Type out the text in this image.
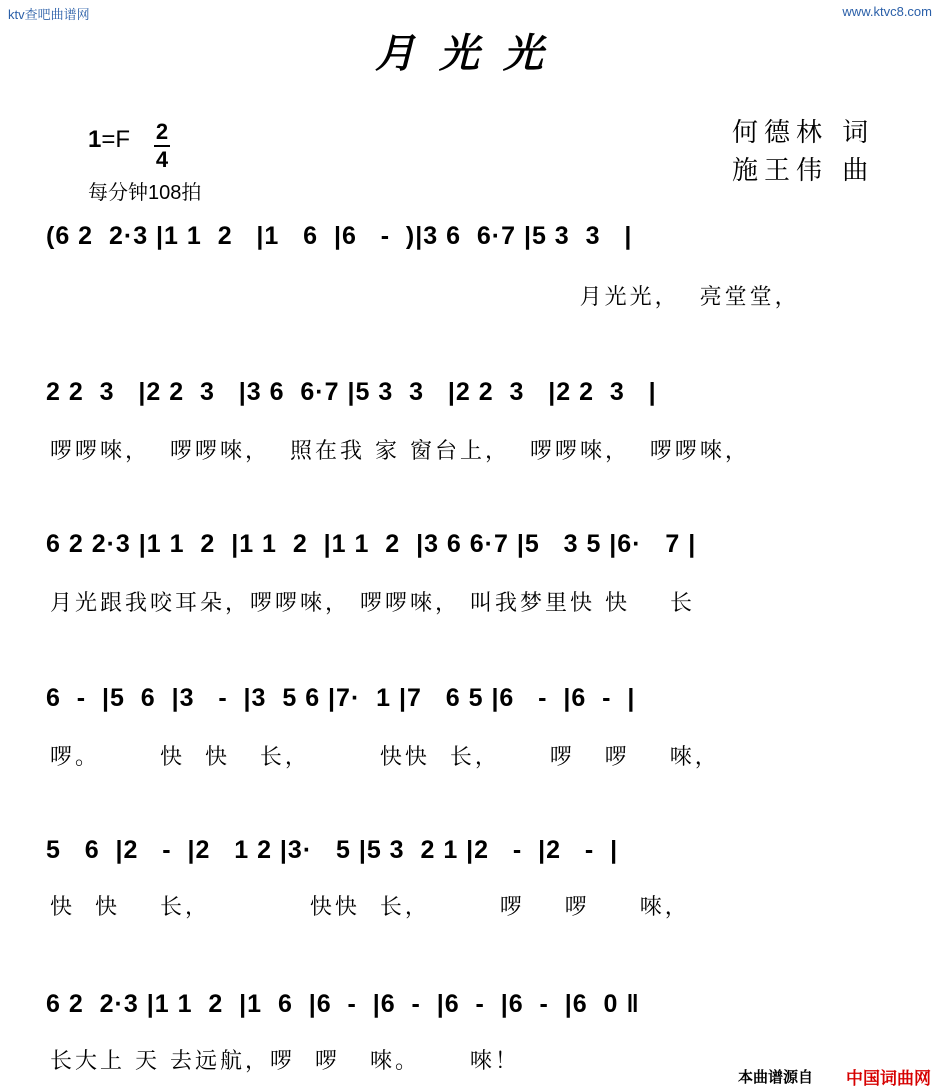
ktv查吧曲谱网	www.ktvc8.com
月光光
何德林 词
施王伟 曲
1=F 2
4
每分钟108拍
(6 2  2·3 |1 1  2   |1   6  |6   -  )|3 6  6·7 |5 3  3   |
月光光，  亮堂堂，
2 2  3   |2 2  3   |3 6  6·7 |5 3  3   |2 2  3   |2 2  3   |
啰啰唻，  啰啰唻，  照在我 家 窗台上，  啰啰唻，  啰啰唻，
6 2 2·3 |1 1  2  |1 1  2  |1 1  2  |3 6 6·7 |5   3 5 |6·   7 |
月光跟我咬耳朵，啰啰唻， 啰啰唻， 叫我梦里快 快    长
6  -  |5  6  |3   -  |3  5 6 |7·  1 |7   6 5 |6   -  |6  -  |
啰。      快  快   长，       快快  长，     啰   啰    唻，
5   6  |2   -  |2   1 2 |3·   5 |5 3  2 1 |2   -  |2   -  |
快  快    长，          快快  长，       啰    啰     唻，
6 2  2·3 |1 1  2  |1  6  |6  -  |6  -  |6  -  |6  -  |6  0 ‖
长大上 天 去远航，啰  啰   唻。     唻！
本曲谱源自 中国词曲网
